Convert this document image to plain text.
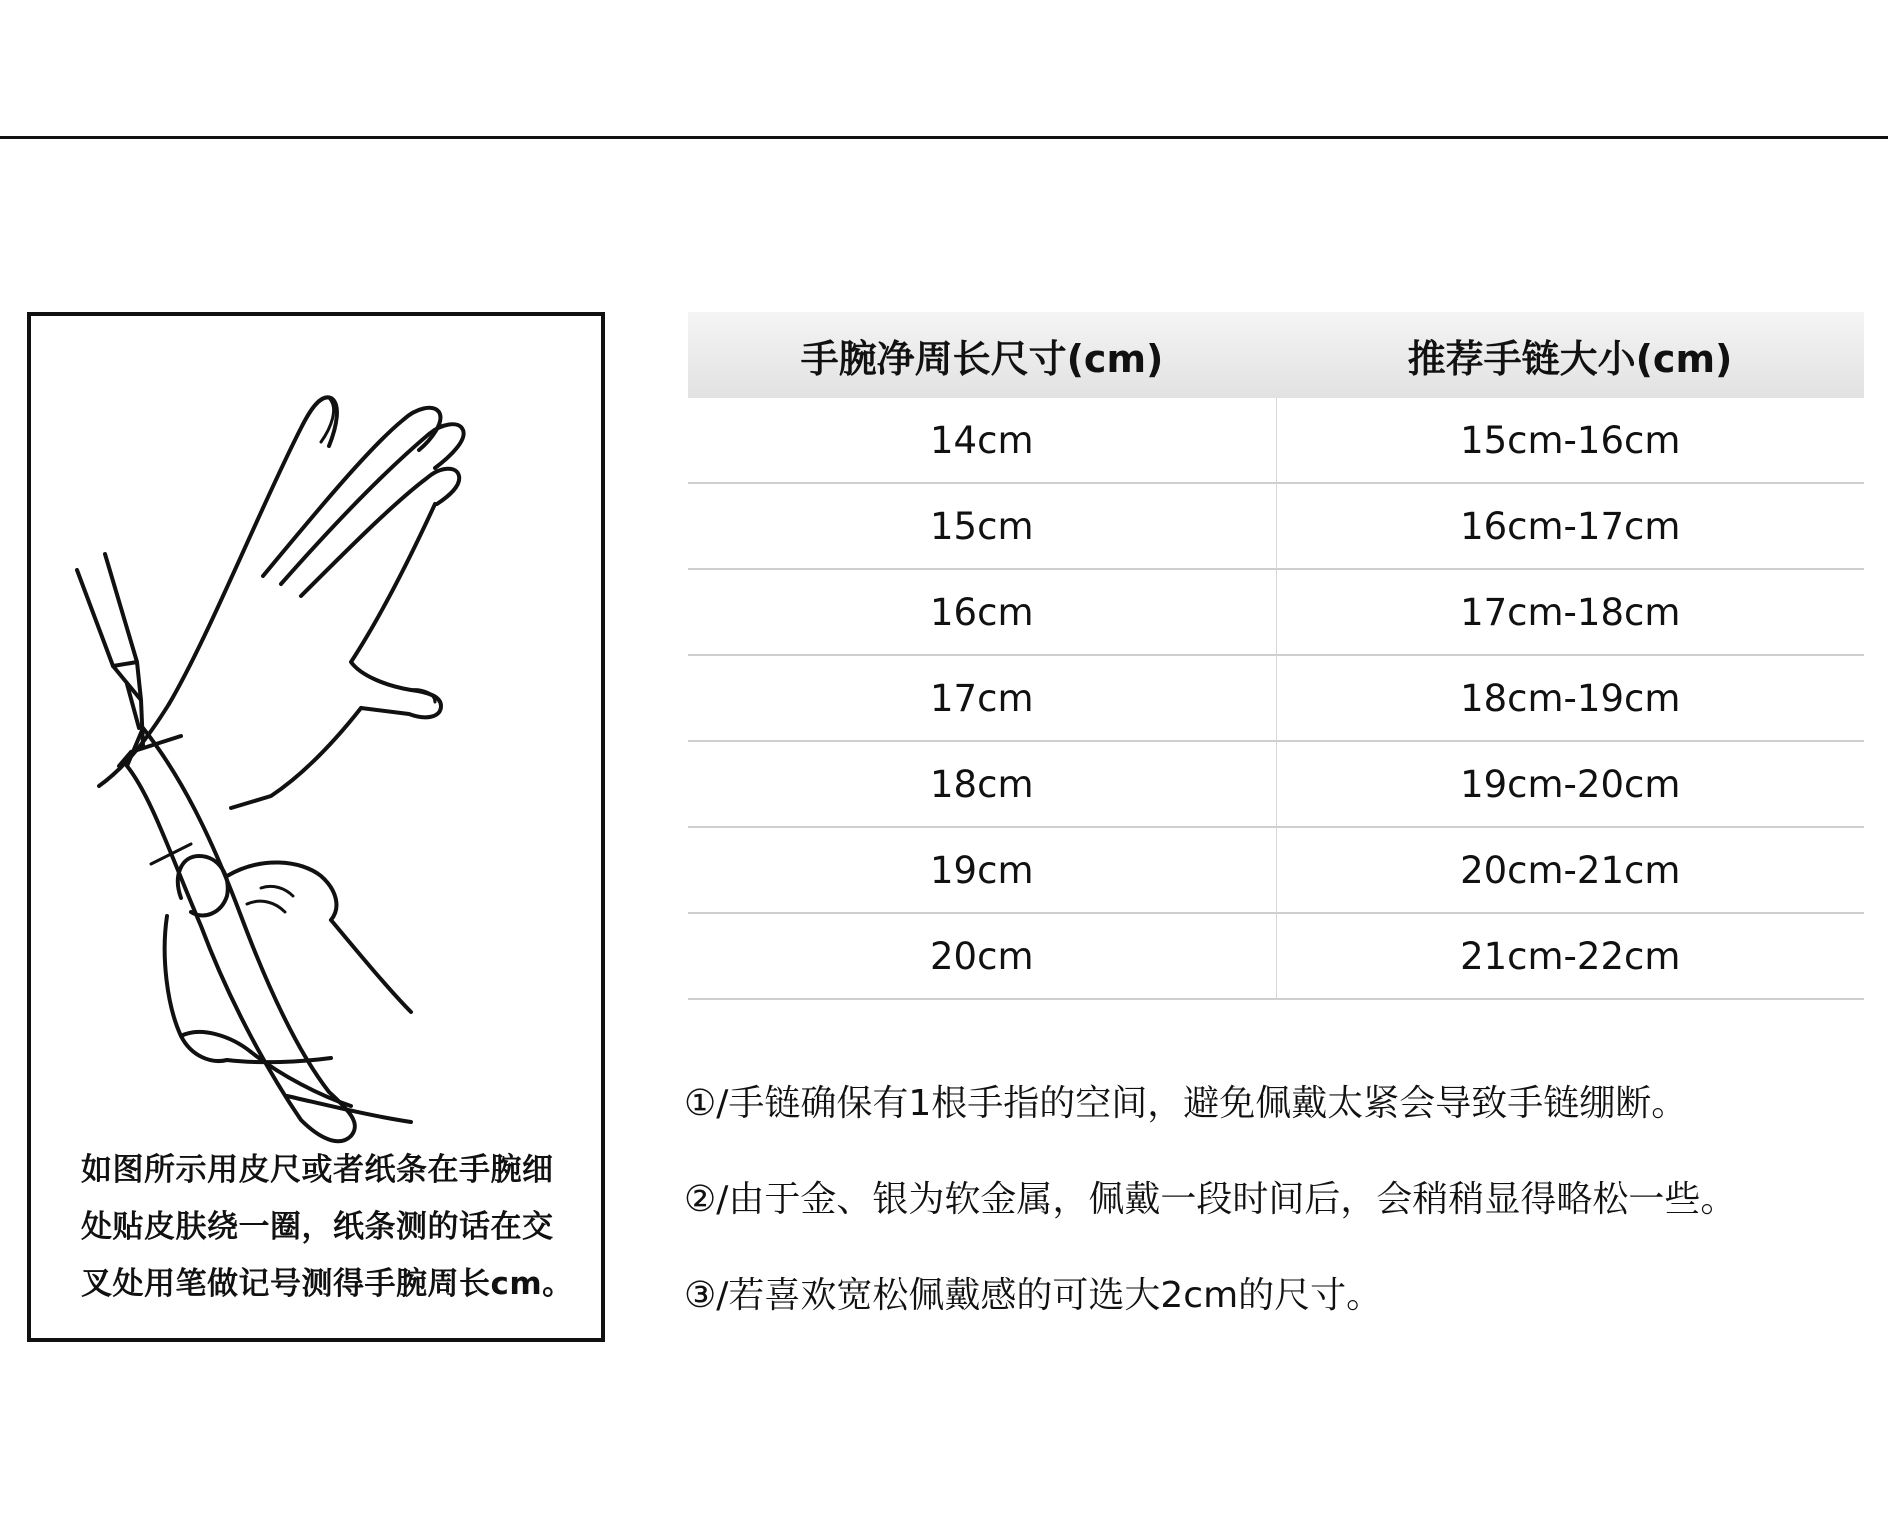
如图所示用皮尺或者纸条在手腕细
处贴皮肤绕一圈，纸条测的话在交
叉处用笔做记号测得手腕周长cm。
手腕净周长尺寸(cm)	推荐手链大小(cm)
14cm	15cm-16cm
15cm	16cm-17cm
16cm	17cm-18cm
17cm	18cm-19cm
18cm	19cm-20cm
19cm	20cm-21cm
20cm	21cm-22cm
①/手链确保有1根手指的空间，避免佩戴太紧会导致手链绷断。
②/由于金、银为软金属，佩戴一段时间后，会稍稍显得略松一些。
③/若喜欢宽松佩戴感的可选大2cm的尺寸。
